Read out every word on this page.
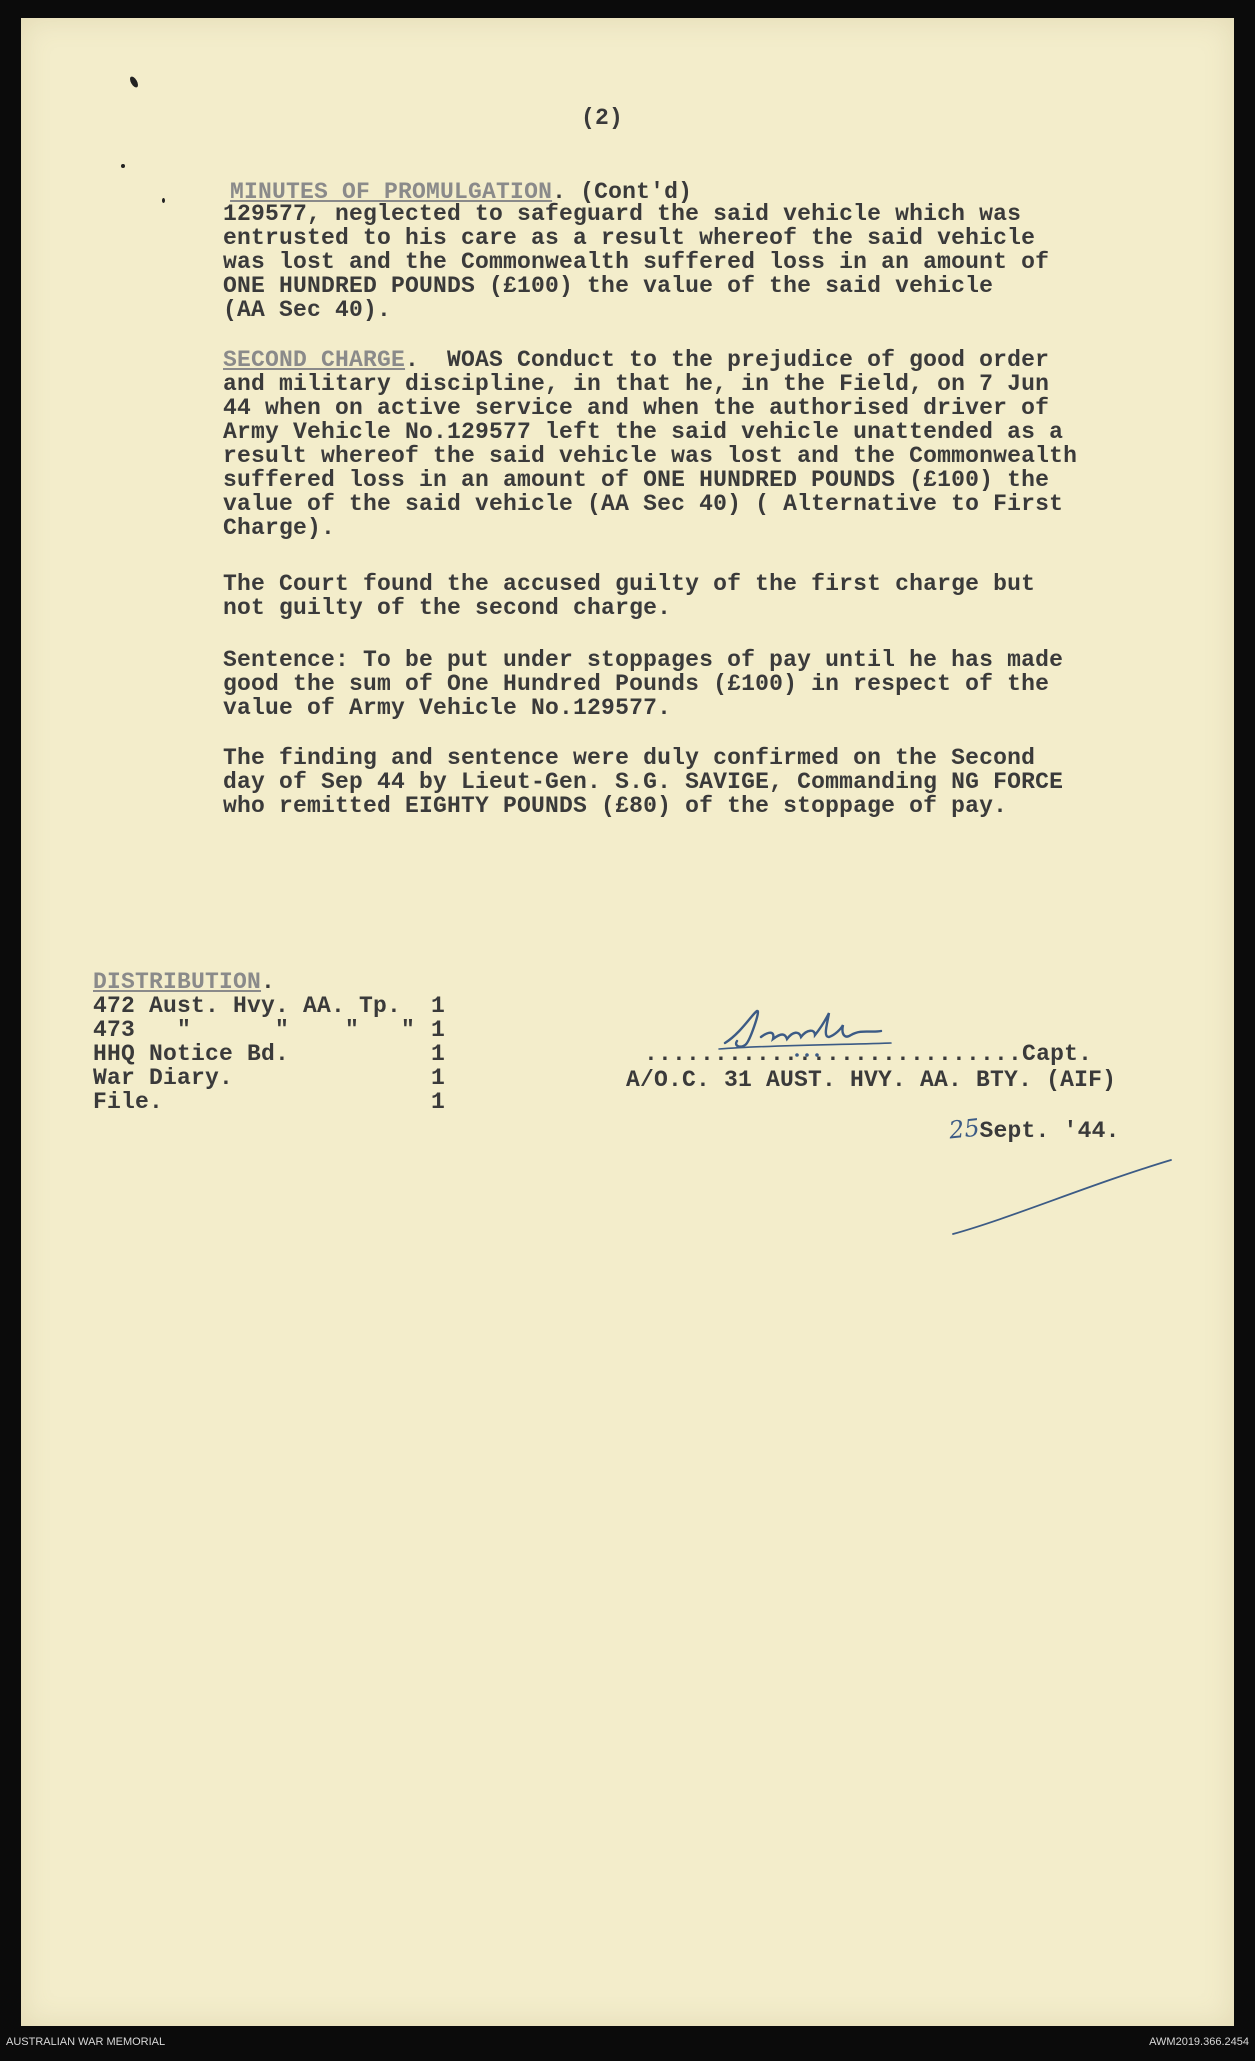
(2)

MINUTES OF PROMULGATION. (Cont'd)

129577, neglected to safeguard the said vehicle which was
entrusted to his care as a result whereof the said vehicle
was lost and the Commonwealth suffered loss in an amount of
ONE HUNDRED POUNDS (£100) the value of the said vehicle
(AA Sec 40).
SECOND CHARGE.  WOAS Conduct to the prejudice of good order
and military discipline, in that he, in the Field, on 7 Jun
44 when on active service and when the authorised driver of
Army Vehicle No.129577 left the said vehicle unattended as a
result whereof the said vehicle was lost and the Commonwealth
suffered loss in an amount of ONE HUNDRED POUNDS (£100) the
value of the said vehicle (AA Sec 40) ( Alternative to First
Charge).
The Court found the accused guilty of the first charge but
not guilty of the second charge.
Sentence: To be put under stoppages of pay until he has made
good the sum of One Hundred Pounds (£100) in respect of the
value of Army Vehicle No.129577.
The finding and sentence were duly confirmed on the Second
day of Sep 44 by Lieut-Gen. S.G. SAVIGE, Commanding NG FORCE
who remitted EIGHTY POUNDS (£80) of the stoppage of pay.
DISTRIBUTION.
472 Aust. Hvy. AA. Tp. 1
473   "      "    "   " 1
HHQ Notice Bd.	1
War Diary.	1
File.	1
...........................Capt.
A/O.C. 31 AUST. HVY. AA. BTY. (AIF)
25Sept. '44.
AUSTRALIAN WAR MEMORIAL	AWM2019.366.2454
